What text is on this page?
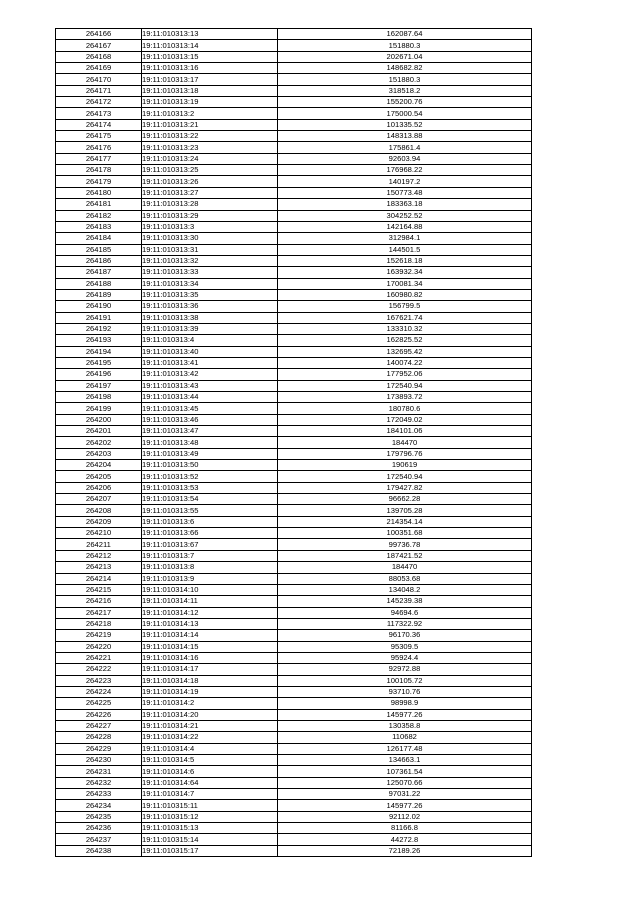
264166	19:11:010313:13	162087.64
264167	19:11:010313:14	151880.3
264168	19:11:010313:15	202671.04
264169	19:11:010313:16	148682.82
264170	19:11:010313:17	151880.3
264171	19:11:010313:18	318518.2
264172	19:11:010313:19	155200.76
264173	19:11:010313:2	175000.54
264174	19:11:010313:21	101335.52
264175	19:11:010313:22	148313.88
264176	19:11:010313:23	175861.4
264177	19:11:010313:24	92603.94
264178	19:11:010313:25	176968.22
264179	19:11:010313:26	140197.2
264180	19:11:010313:27	150773.48
264181	19:11:010313:28	183363.18
264182	19:11:010313:29	304252.52
264183	19:11:010313:3	142164.88
264184	19:11:010313:30	312984.1
264185	19:11:010313:31	144501.5
264186	19:11:010313:32	152618.18
264187	19:11:010313:33	163932.34
264188	19:11:010313:34	170081.34
264189	19:11:010313:35	160980.82
264190	19:11:010313:36	156799.5
264191	19:11:010313:38	167621.74
264192	19:11:010313:39	133310.32
264193	19:11:010313:4	162825.52
264194	19:11:010313:40	132695.42
264195	19:11:010313:41	140074.22
264196	19:11:010313:42	177952.06
264197	19:11:010313:43	172540.94
264198	19:11:010313:44	173893.72
264199	19:11:010313:45	180780.6
264200	19:11:010313:46	172049.02
264201	19:11:010313:47	184101.06
264202	19:11:010313:48	184470
264203	19:11:010313:49	179796.76
264204	19:11:010313:50	190619
264205	19:11:010313:52	172540.94
264206	19:11:010313:53	179427.82
264207	19:11:010313:54	96662.28
264208	19:11:010313:55	139705.28
264209	19:11:010313:6	214354.14
264210	19:11:010313:66	100351.68
264211	19:11:010313:67	99736.78
264212	19:11:010313:7	187421.52
264213	19:11:010313:8	184470
264214	19:11:010313:9	88053.68
264215	19:11:010314:10	134048.2
264216	19:11:010314:11	145239.38
264217	19:11:010314:12	94694.6
264218	19:11:010314:13	117322.92
264219	19:11:010314:14	96170.36
264220	19:11:010314:15	95309.5
264221	19:11:010314:16	95924.4
264222	19:11:010314:17	92972.88
264223	19:11:010314:18	100105.72
264224	19:11:010314:19	93710.76
264225	19:11:010314:2	98998.9
264226	19:11:010314:20	145977.26
264227	19:11:010314:21	130358.8
264228	19:11:010314:22	110682
264229	19:11:010314:4	126177.48
264230	19:11:010314:5	134663.1
264231	19:11:010314:6	107361.54
264232	19:11:010314:64	125070.66
264233	19:11:010314:7	97031.22
264234	19:11:010315:11	145977.26
264235	19:11:010315:12	92112.02
264236	19:11:010315:13	81166.8
264237	19:11:010315:14	44272.8
264238	19:11:010315:17	72189.26
